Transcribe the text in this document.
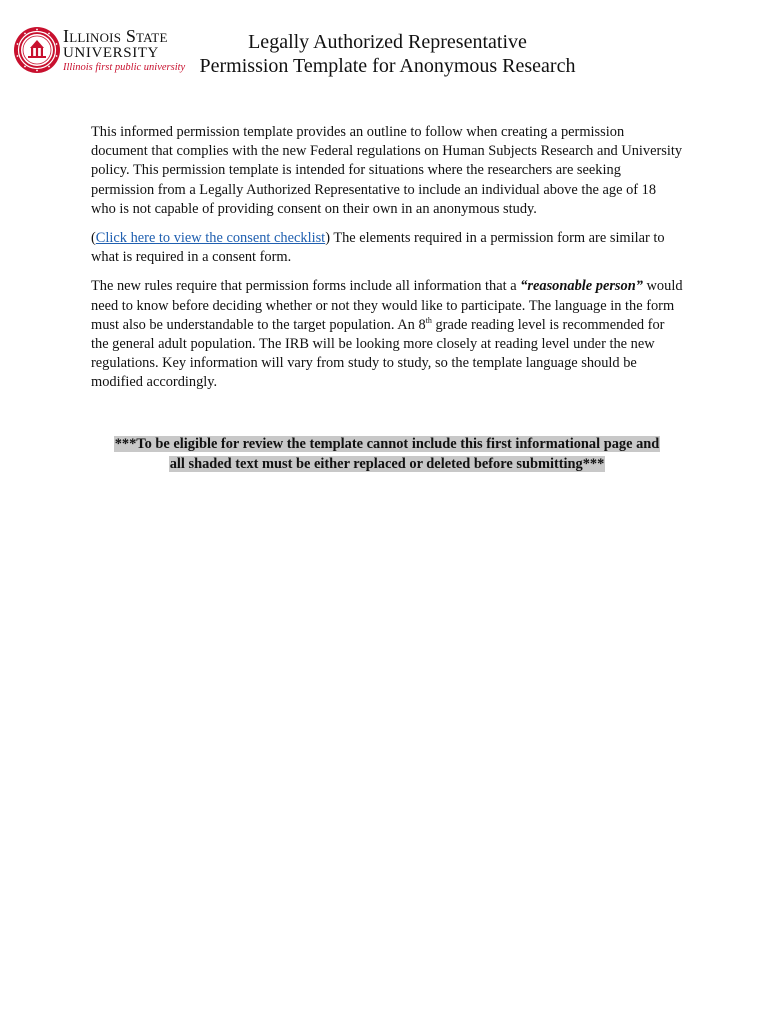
Illinois State
UNIVERSITY
Illinois first public university
Legally Authorized Representative
Permission Template for Anonymous Research

This informed permission template provides an outline to follow when creating a permission document that complies with the new Federal regulations on Human Subjects Research and University policy. This permission template is intended for situations where the researchers are seeking permission from a Legally Authorized Representative to include an individual above the age of 18 who is not capable of providing consent on their own in an anonymous study.

(Click here to view the consent checklist) The elements required in a permission form are similar to what is required in a consent form.

The new rules require that permission forms include all information that a “reasonable person” would need to know before deciding whether or not they would like to participate. The language in the form must also be understandable to the target population. An 8th grade reading level is recommended for the general adult population. The IRB will be looking more closely at reading level under the new regulations. Key information will vary from study to study, so the template language should be modified accordingly.

***To be eligible for review the template cannot include this first informational page and
all shaded text must be either replaced or deleted before submitting***
